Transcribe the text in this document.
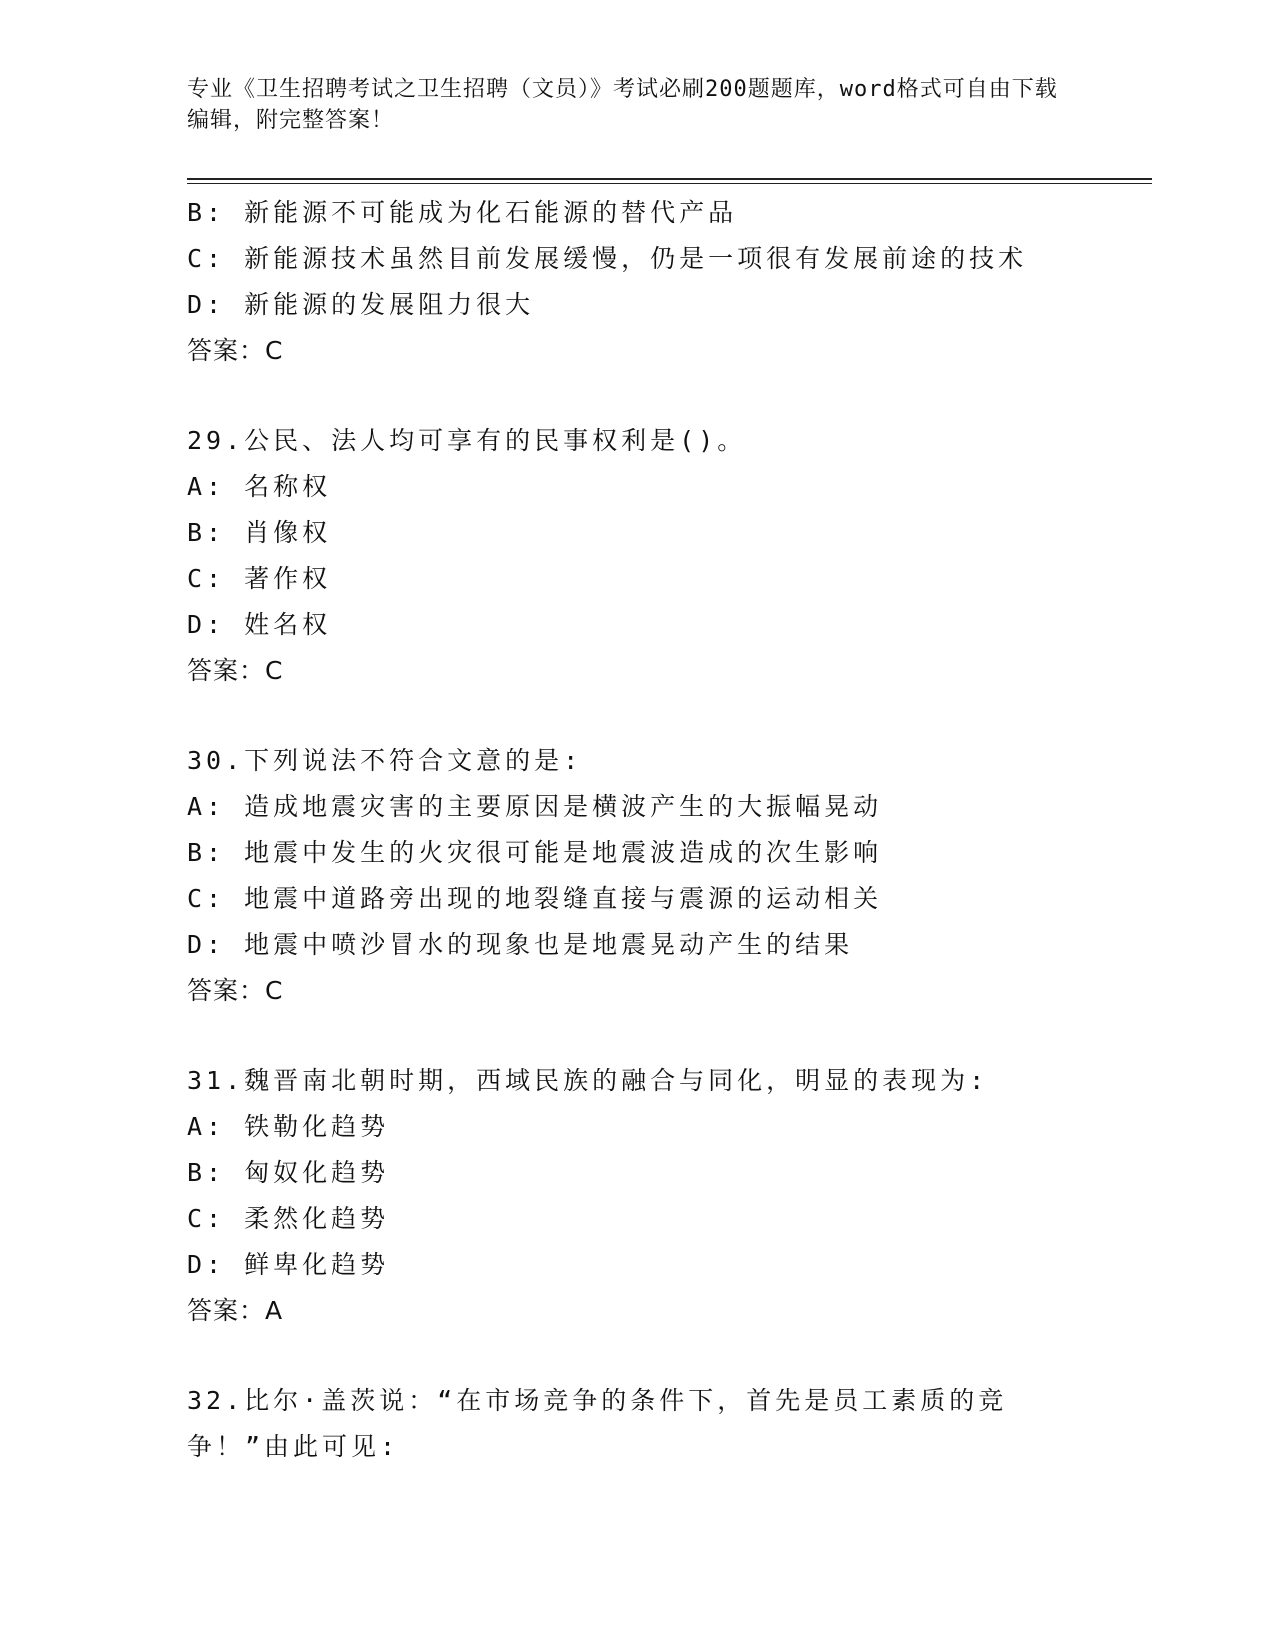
专业《卫生招聘考试之卫生招聘（文员）》考试必刷200题题库，word格式可自由下载编辑，附完整答案！
B: 新能源不可能成为化石能源的替代产品
C: 新能源技术虽然目前发展缓慢，仍是一项很有发展前途的技术
D: 新能源的发展阻力很大
答案：C
29.公民、法人均可享有的民事权利是()。
A: 名称权
B: 肖像权
C: 著作权
D: 姓名权
答案：C
30.下列说法不符合文意的是:
A: 造成地震灾害的主要原因是横波产生的大振幅晃动
B: 地震中发生的火灾很可能是地震波造成的次生影响
C: 地震中道路旁出现的地裂缝直接与震源的运动相关
D: 地震中喷沙冒水的现象也是地震晃动产生的结果
答案：C
31.魏晋南北朝时期，西域民族的融合与同化，明显的表现为:
A: 铁勒化趋势
B: 匈奴化趋势
C: 柔然化趋势
D: 鲜卑化趋势
答案：A
32.比尔·盖茨说：“在市场竞争的条件下，首先是员工素质的竞争！”由此可见:
